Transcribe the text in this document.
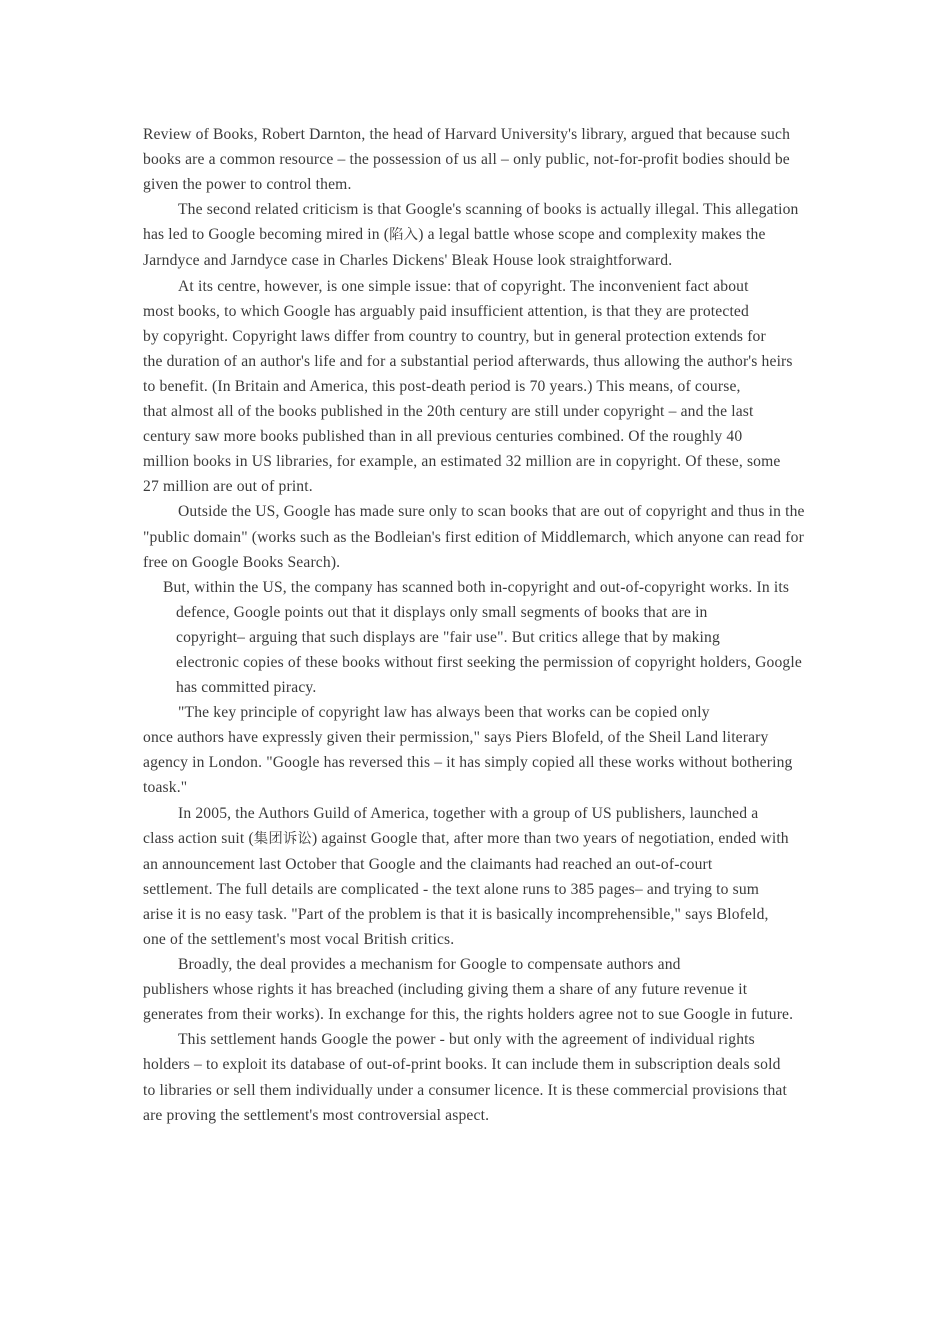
Review of Books, Robert Darnton, the head of Harvard University's library, argued that because such
books are a common resource – the possession of us all – only public, not-for-profit bodies should be
given the power to control them.

The second related criticism is that Google's scanning of books is actually illegal. This allegation
has led to Google becoming mired in (陷入) a legal battle whose scope and complexity makes the
Jarndyce and Jarndyce case in Charles Dickens' Bleak House look straightforward.

At its centre, however, is one simple issue: that of copyright. The inconvenient fact about
most books, to which Google has arguably paid insufficient attention, is that they are protected
by copyright. Copyright laws differ from country to country, but in general protection extends for
the duration of an author's life and for a substantial period afterwards, thus allowing the author's heirs
to benefit. (In Britain and America, this post-death period is 70 years.) This means, of course,
that almost all of the books published in the 20th century are still under copyright – and the last
century saw more books published than in all previous centuries combined. Of the roughly 40
million books in US libraries, for example, an estimated 32 million are in copyright. Of these, some
27 million are out of print.

Outside the US, Google has made sure only to scan books that are out of copyright and thus in the
"public domain" (works such as the Bodleian's first edition of Middlemarch, which anyone can read for
free on Google Books Search).

But, within the US, the company has scanned both in-copyright and out-of-copyright works. In its
defence, Google points out that it displays only small segments of books that are in
copyright– arguing that such displays are "fair use". But critics allege that by making
electronic copies of these books without first seeking the permission of copyright holders, Google
has committed piracy.

"The key principle of copyright law has always been that works can be copied only
once authors have expressly given their permission," says Piers Blofeld, of the Sheil Land literary
agency in London. "Google has reversed this – it has simply copied all these works without bothering
toask."

In 2005, the Authors Guild of America, together with a group of US publishers, launched a
class action suit (集团诉讼) against Google that, after more than two years of negotiation, ended with
an announcement last October that Google and the claimants had reached an out-of-court
settlement. The full details are complicated - the text alone runs to 385 pages– and trying to sum
arise it is no easy task. "Part of the problem is that it is basically incomprehensible," says Blofeld,
one of the settlement's most vocal British critics.

Broadly, the deal provides a mechanism for Google to compensate authors and
publishers whose rights it has breached (including giving them a share of any future revenue it
generates from their works). In exchange for this, the rights holders agree not to sue Google in future.

This settlement hands Google the power - but only with the agreement of individual rights
holders – to exploit its database of out-of-print books. It can include them in subscription deals sold
to libraries or sell them individually under a consumer licence. It is these commercial provisions that
are proving the settlement's most controversial aspect.
